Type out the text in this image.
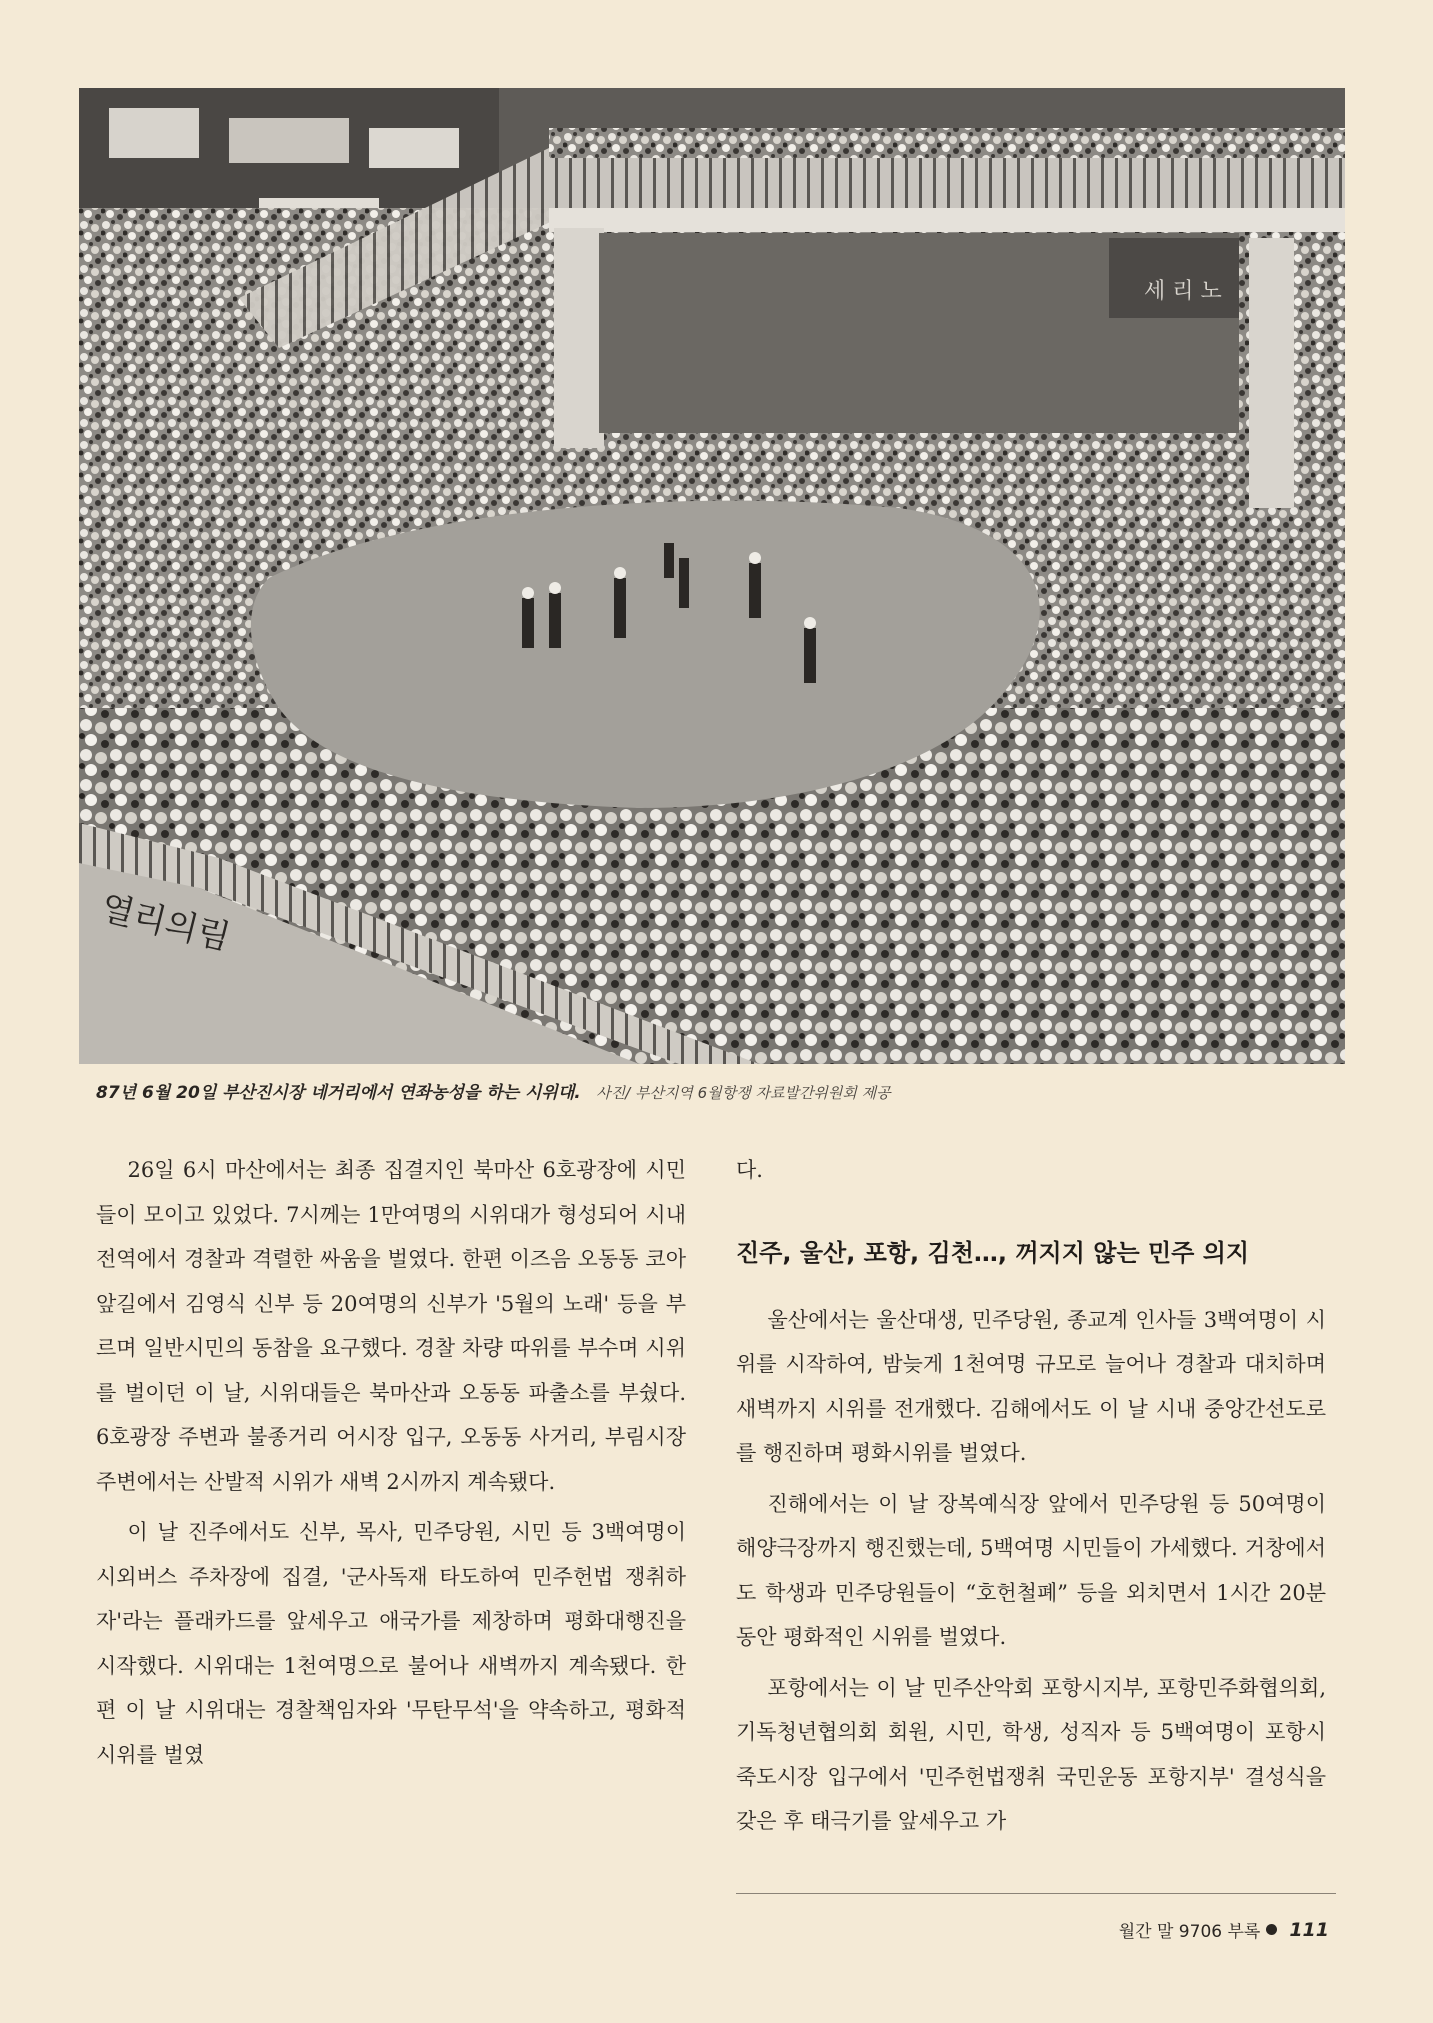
열리의림
세 리 노
87년 6월 20일 부산진시장 네거리에서 연좌농성을 하는 시위대. 사진/ 부산지역 6월항쟁 자료발간위원회 제공

26일 6시 마산에서는 최종 집결지인 북마산 6호광장에 시민들이 모이고 있었다. 7시께는 1만여명의 시위대가 형성되어 시내 전역에서 경찰과 격렬한 싸움을 벌였다. 한편 이즈음 오동동 코아 앞길에서 김영식 신부 등 20여명의 신부가 '5월의 노래' 등을 부르며 일반시민의 동참을 요구했다. 경찰 차량 따위를 부수며 시위를 벌이던 이 날, 시위대들은 북마산과 오동동 파출소를 부쉈다. 6호광장 주변과 불종거리 어시장 입구, 오동동 사거리, 부림시장 주변에서는 산발적 시위가 새벽 2시까지 계속됐다.

이 날 진주에서도 신부, 목사, 민주당원, 시민 등 3백여명이 시외버스 주차장에 집결, '군사독재 타도하여 민주헌법 쟁취하자'라는 플래카드를 앞세우고 애국가를 제창하며 평화대행진을 시작했다. 시위대는 1천여명으로 불어나 새벽까지 계속됐다. 한편 이 날 시위대는 경찰책임자와 '무탄무석'을 약속하고, 평화적 시위를 벌였

다.

진주, 울산, 포항, 김천…, 꺼지지 않는 민주 의지

울산에서는 울산대생, 민주당원, 종교계 인사들 3백여명이 시위를 시작하여, 밤늦게 1천여명 규모로 늘어나 경찰과 대치하며 새벽까지 시위를 전개했다. 김해에서도 이 날 시내 중앙간선도로를 행진하며 평화시위를 벌였다.

진해에서는 이 날 장복예식장 앞에서 민주당원 등 50여명이 해양극장까지 행진했는데, 5백여명 시민들이 가세했다. 거창에서도 학생과 민주당원들이 “호헌철폐” 등을 외치면서 1시간 20분 동안 평화적인 시위를 벌였다.

포항에서는 이 날 민주산악회 포항시지부, 포항민주화협의회, 기독청년협의회 회원, 시민, 학생, 성직자 등 5백여명이 포항시 죽도시장 입구에서 '민주헌법쟁취 국민운동 포항지부' 결성식을 갖은 후 태극기를 앞세우고 가

월간 말 9706 부록 111
